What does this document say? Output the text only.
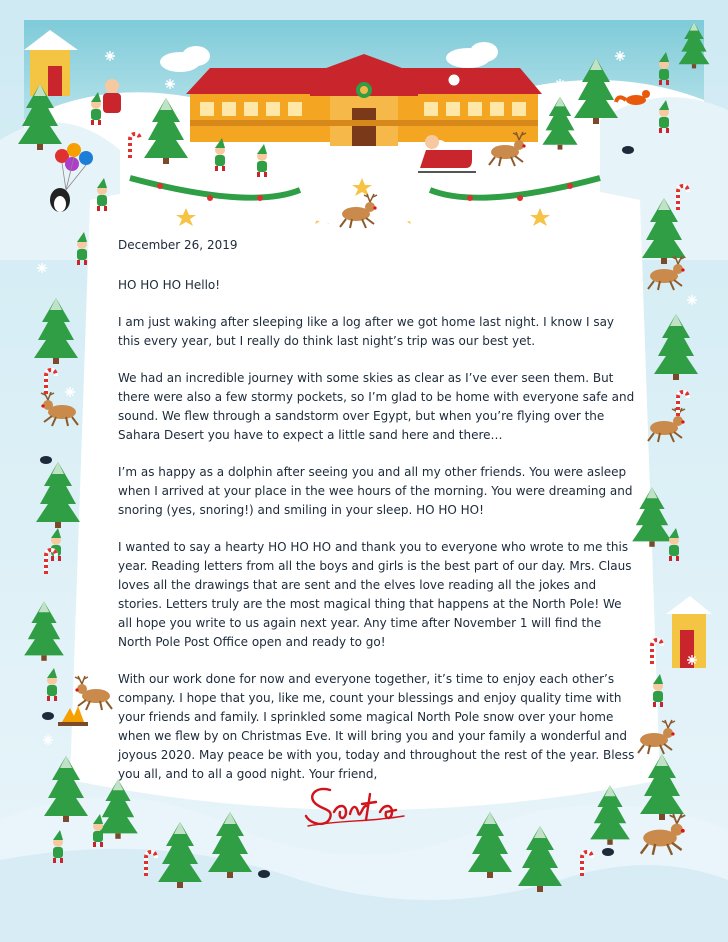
December 26, 2019

HO HO HO Hello!

I am just waking after sleeping like a log after we got home last night. I know I say this every year, but I really do think last night’s trip was our best yet.

We had an incredible journey with some skies as clear as I’ve ever seen them. But there were also a few stormy pockets, so I’m glad to be home with everyone safe and sound. We flew through a sandstorm over Egypt, but when you’re flying over the Sahara Desert you have to expect a little sand here and there…

I’m as happy as a dolphin after seeing you and all my other friends. You were asleep when I arrived at your place in the wee hours of the morning. You were dreaming and snoring (yes, snoring!) and smiling in your sleep. HO HO HO!

I wanted to say a hearty HO HO HO and thank you to everyone who wrote to me this year. Reading letters from all the boys and girls is the best part of our day. Mrs. Claus loves all the drawings that are sent and the elves love reading all the jokes and stories. Letters truly are the most magical thing that happens at the North Pole! We all hope you write to us again next year. Any time after November 1 will find the North Pole Post Office open and ready to go!

With our work done for now and everyone together, it’s time to enjoy each other’s company. I hope that you, like me, count your blessings and enjoy quality time with your friends and family. I sprinkled some magical North Pole snow over your home when we flew by on Christmas Eve. It will bring you and your family a wonderful and joyous 2020. May peace be with you, today and throughout the rest of the year. Bless you all, and to all a good night. Your friend,
